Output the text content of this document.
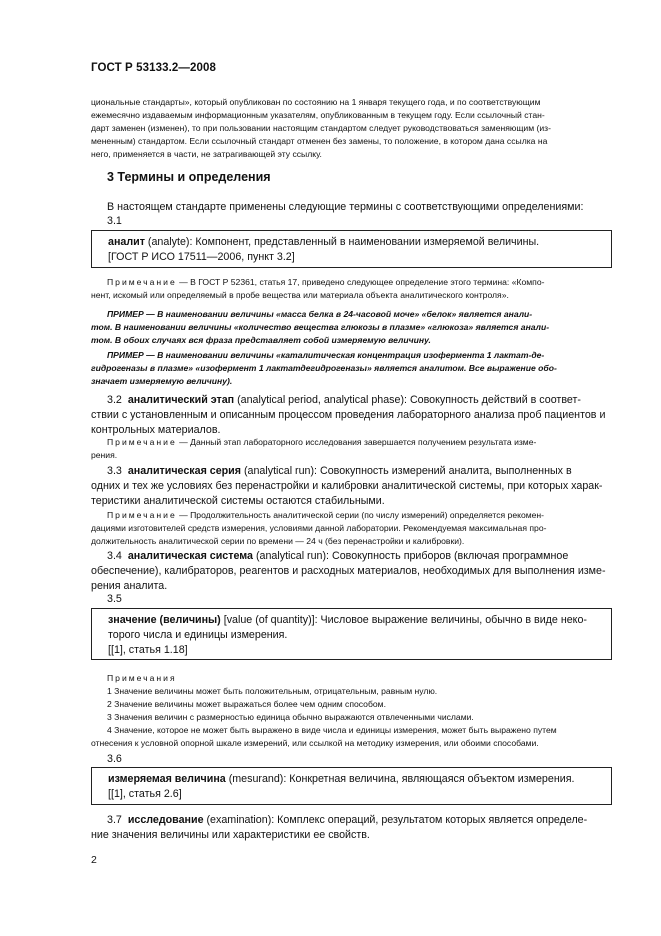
ГОСТ Р 53133.2—2008
циональные стандарты», который опубликован по состоянию на 1 января текущего года, и по соответствующим
ежемесячно издаваемым информационным указателям, опубликованным в текущем году. Если ссылочный стан-
дарт заменен (изменен), то при пользовании настоящим стандартом следует руководствоваться заменяющим (из-
мененным) стандартом. Если ссылочный стандарт отменен без замены, то положение, в котором дана ссылка на
него, применяется в части, не затрагивающей эту ссылку.
3 Термины и определения
В настоящем стандарте применены следующие термины с соответствующими определениями:
3.1
аналит (analyte): Компонент, представленный в наименовании измеряемой величины.
[ГОСТ Р ИСО 17511—2006, пункт 3.2]
Примечание — В ГОСТ Р 52361, статья 17, приведено следующее определение этого термина: «Компо-
нент, искомый или определяемый в пробе вещества или материала объекта аналитического контроля».
ПРИМЕР — В наименовании величины «масса белка в 24-часовой моче» «белок» является анали-
том. В наименовании величины «количество вещества глюкозы в плазме» «глюкоза» является анали-
том. В обоих случаях вся фраза представляет собой измеряемую величину.
ПРИМЕР — В наименовании величины «каталитическая концентрация изофермента 1 лактат-де-
гидрогеназы в плазме» «изофермент 1 лактатдегидрогеназы» является аналитом. Все выражение обо-
значает измеряемую величину).
3.2 аналитический этап (analytical period, analytical phase): Совокупность действий в соответ-
ствии с установленным и описанным процессом проведения лабораторного анализа проб пациентов и
контрольных материалов.
Примечание — Данный этап лабораторного исследования завершается получением результата изме-
рения.
3.3 аналитическая серия (analytical run): Совокупность измерений аналита, выполненных в
одних и тех же условиях без перенастройки и калибровки аналитической системы, при которых харак-
теристики аналитической системы остаются стабильными.
Примечание — Продолжительность аналитической серии (по числу измерений) определяется рекомен-
дациями изготовителей средств измерения, условиями данной лаборатории. Рекомендуемая максимальная про-
должительность аналитической серии по времени — 24 ч (без перенастройки и калибровки).
3.4 аналитическая система (analytical run): Совокупность приборов (включая программное
обеспечение), калибраторов, реагентов и расходных материалов, необходимых для выполнения изме-
рения аналита.
3.5
значение (величины) [value (of quantity)]: Числовое выражение величины, обычно в виде неко-
торого числа и единицы измерения.
[[1], статья 1.18]
Примечания
1 Значение величины может быть положительным, отрицательным, равным нулю.
2 Значение величины может выражаться более чем одним способом.
3 Значения величин с размерностью единица обычно выражаются отвлеченными числами.
4 Значение, которое не может быть выражено в виде числа и единицы измерения, может быть выражено путем
отнесения к условной опорной шкале измерений, или ссылкой на методику измерения, или обоими способами.
3.6
измеряемая величина (mesurand): Конкретная величина, являющаяся объектом измерения.
[[1], статья 2.6]
3.7 исследование (examination): Комплекс операций, результатом которых является определе-
ние значения величины или характеристики ее свойств.
2
